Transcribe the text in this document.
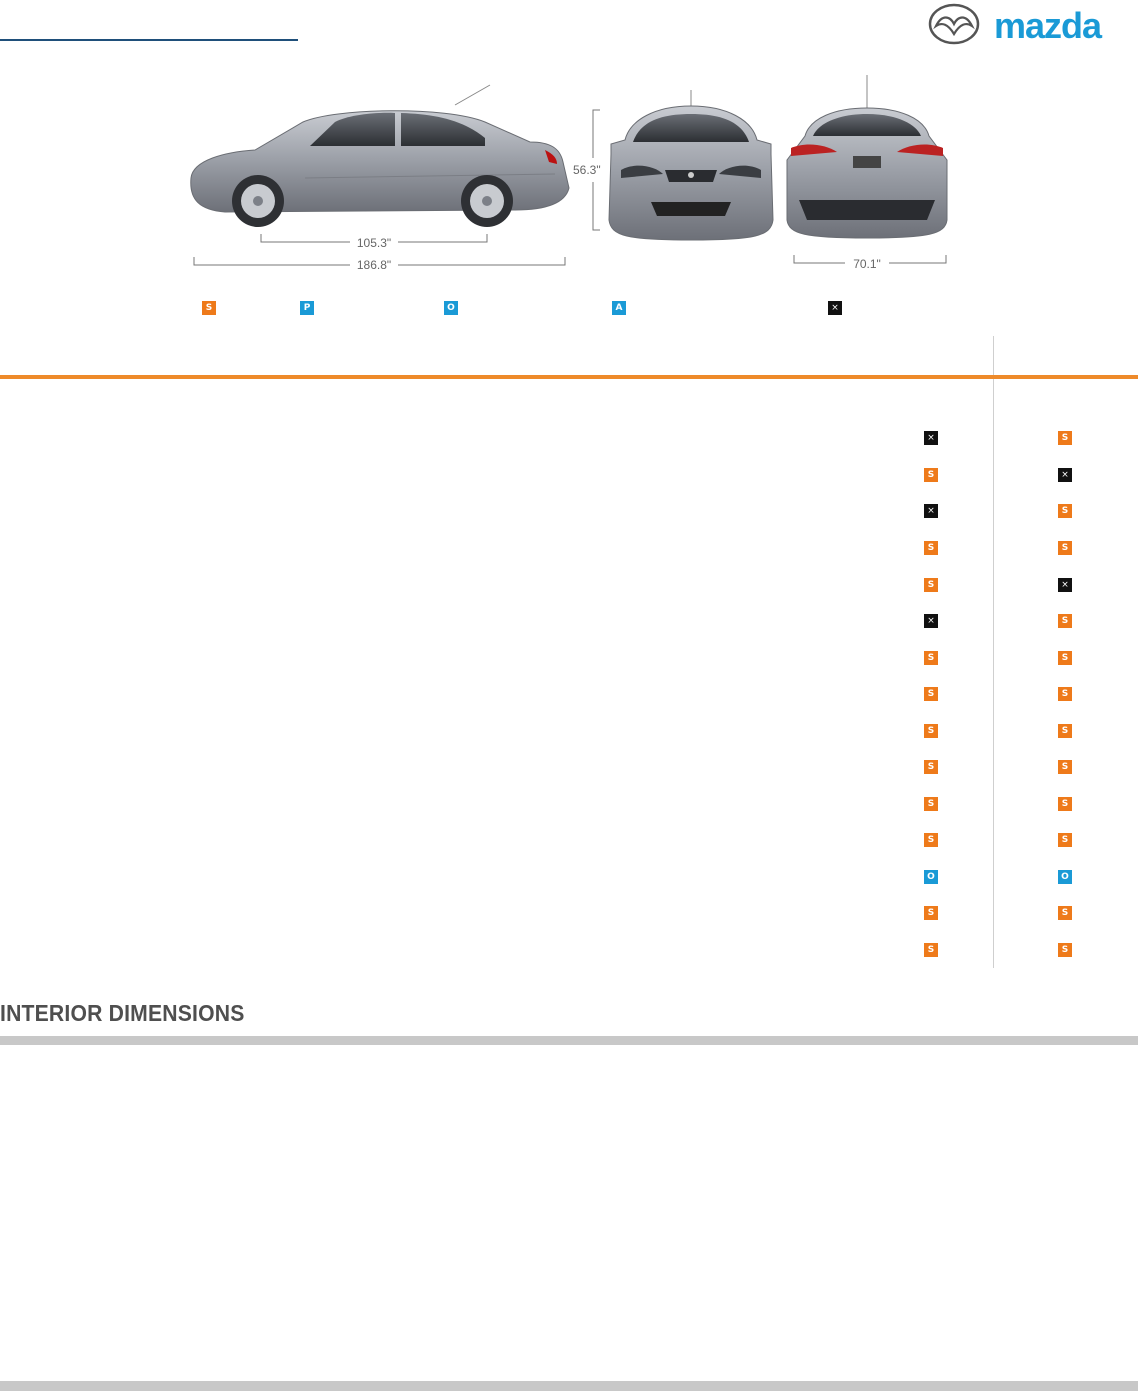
mazda
105.3"
186.8"
56.3"
70.1"
S	P	O	A	×
×	S
S	×
×	S
S	S
S	×
×	S
S	S
S	S
S	S
S	S
S	S
S	S
O	O
S	S
S	S
INTERIOR DIMENSIONS
